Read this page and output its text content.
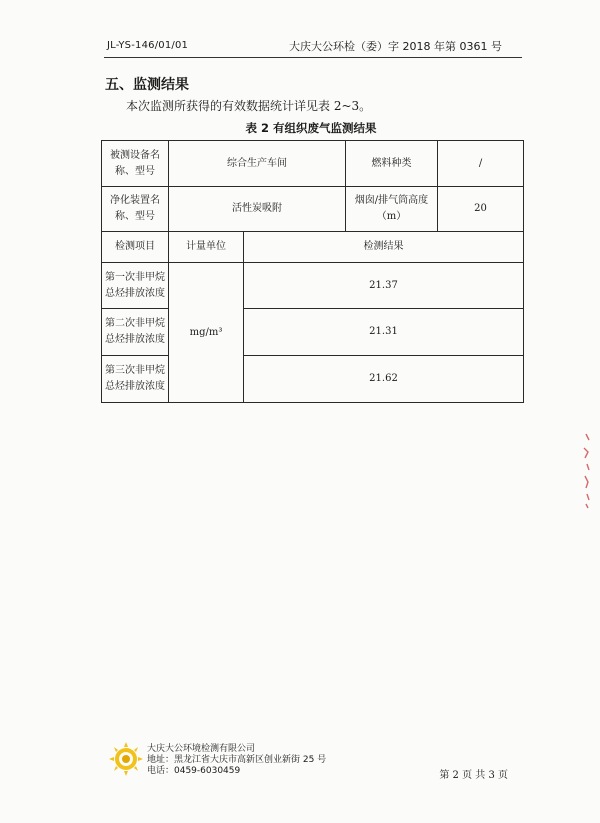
JL-YS-146/01/01	大庆大公环检（委）字 2018 年第 0361 号
五、监测结果
本次监测所获得的有效数据统计详见表 2~3。
表 2 有组织废气监测结果
被测设备名称、型号	综合生产车间		燃料种类	/
净化装置名称、型号	活性炭吸附		烟囱/排气筒高度（m）	20
检测项目	计量单位	检测结果		
第一次非甲烷总烃排放浓度	mg/m³	21.37		
第二次非甲烷总烃排放浓度		21.31		
第三次非甲烷总烃排放浓度		21.62		
大庆大公环境检测有限公司
地址：黑龙江省大庆市高新区创业新街 25 号
电话：0459-6030459	第 2 页 共 3 页
